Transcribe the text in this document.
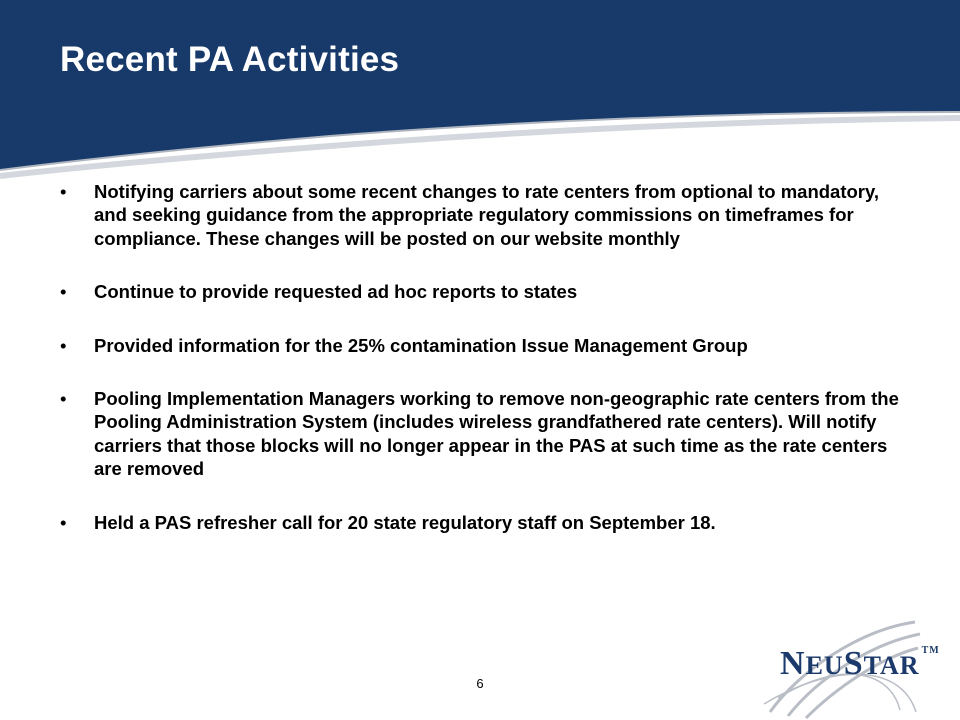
Recent PA Activities
• Notifying carriers about some recent changes to rate centers from optional to mandatory, and seeking guidance from the appropriate regulatory commissions on timeframes for compliance. These changes will be posted on our website monthly
• Continue to provide requested ad hoc reports to states
• Provided information for the 25% contamination Issue Management Group
• Pooling Implementation Managers working to remove non-geographic rate centers from the Pooling Administration System (includes wireless grandfathered rate centers). Will notify carriers that those blocks will no longer appear in the PAS at such time as the rate centers are removed
• Held a PAS refresher call for 20 state regulatory staff on September 18.
6
NEUSTAR™
